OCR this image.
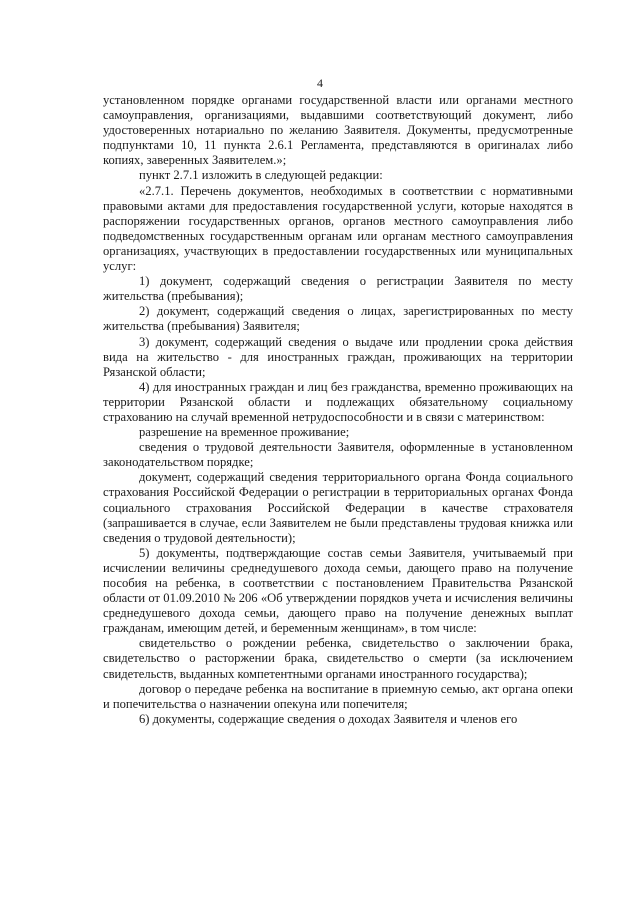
4

установленном порядке органами государственной власти или органами местного самоуправления, организациями, выдавшими соответствующий документ, либо удостоверенных нотариально по желанию Заявителя. Документы, предусмотренные подпунктами 10, 11 пункта 2.6.1 Регламента, представляются в оригиналах либо копиях, заверенных Заявителем.»;

пункт 2.7.1 изложить в следующей редакции:

«2.7.1. Перечень документов, необходимых в соответствии с нормативными правовыми актами для предоставления государственной услуги, которые находятся в распоряжении государственных органов, органов местного самоуправления либо подведомственных государственным органам или органам местного самоуправления организациях, участвующих в предоставлении государственных или муниципальных услуг:

1) документ, содержащий сведения о регистрации Заявителя по месту жительства (пребывания);

2) документ, содержащий сведения о лицах, зарегистрированных по месту жительства (пребывания) Заявителя;

3) документ, содержащий сведения о выдаче или продлении срока действия вида на жительство - для иностранных граждан, проживающих на территории Рязанской области;

4) для иностранных граждан и лиц без гражданства, временно проживающих на территории Рязанской области и подлежащих обязательному социальному страхованию на случай временной нетрудоспособности и в связи с материнством:

разрешение на временное проживание;

сведения о трудовой деятельности Заявителя, оформленные в установленном законодательством порядке;

документ, содержащий сведения территориального органа Фонда социального страхования Российской Федерации о регистрации в территориальных органах Фонда социального страхования Российской Федерации в качестве страхователя (запрашивается в случае, если Заявителем не были представлены трудовая книжка или сведения о трудовой деятельности);

5) документы, подтверждающие состав семьи Заявителя, учитываемый при исчислении величины среднедушевого дохода семьи, дающего право на получение пособия на ребенка, в соответствии с постановлением Правительства Рязанской области от 01.09.2010 № 206 «Об утверждении порядков учета и исчисления величины среднедушевого дохода семьи, дающего право на получение денежных выплат гражданам, имеющим детей, и беременным женщинам», в том числе:

свидетельство о рождении ребенка, свидетельство о заключении брака, свидетельство о расторжении брака, свидетельство о смерти (за исключением свидетельств, выданных компетентными органами иностранного государства);

договор о передаче ребенка на воспитание в приемную семью, акт органа опеки и попечительства о назначении опекуна или попечителя;

6) документы, содержащие сведения о доходах Заявителя и членов его
